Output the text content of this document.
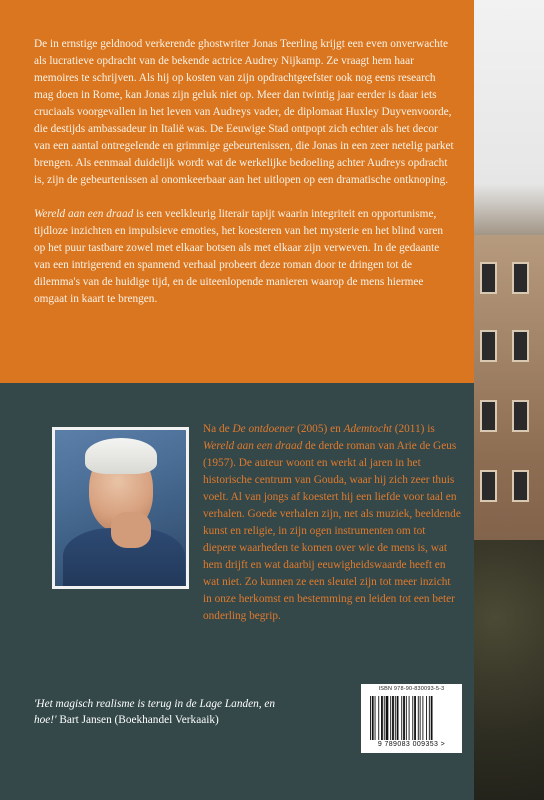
De in ernstige geldnood verkerende ghostwriter Jonas Teerling krijgt een even onverwachte als lucratieve opdracht van de bekende actrice Audrey Nijkamp. Ze vraagt hem haar memoires te schrijven. Als hij op kosten van zijn opdrachtgeefster ook nog eens research mag doen in Rome, kan Jonas zijn geluk niet op. Meer dan twintig jaar eerder is daar iets cruciaals voorgevallen in het leven van Audreys vader, de diplomaat Huxley Duyvenvoorde, die destijds ambassadeur in Italië was. De Eeuwige Stad ontpopt zich echter als het decor van een aantal ontregelende en grimmige gebeurtenissen, die Jonas in een zeer netelig parket brengen. Als eenmaal duidelijk wordt wat de werkelijke bedoeling achter Audreys opdracht is, zijn de gebeurtenissen al onomkeerbaar aan het uitlopen op een dramatische ontknoping.

Wereld aan een draad is een veelkleurig literair tapijt waarin integriteit en opportunisme, tijdloze inzichten en impulsieve emoties, het koesteren van het mysterie en het blind varen op het puur tastbare zowel met elkaar botsen als met elkaar zijn verweven. In de gedaante van een intrigerend en spannend verhaal probeert deze roman door te dringen tot de dilemma's van de huidige tijd, en de uiteenlopende manieren waarop de mens hiermee omgaat in kaart te brengen.

Na de De ontdoener (2005) en Ademtocht (2011) is Wereld aan een draad de derde roman van Arie de Geus (1957). De auteur woont en werkt al jaren in het historische centrum van Gouda, waar hij zich zeer thuis voelt. Al van jongs af koestert hij een liefde voor taal en verhalen. Goede verhalen zijn, net als muziek, beeldende kunst en religie, in zijn ogen instrumenten om tot diepere waarheden te komen over wie de mens is, wat hem drijft en wat daarbij eeuwigheidswaarde heeft en wat niet. Zo kunnen ze een sleutel zijn tot meer inzicht in onze herkomst en bestemming en leiden tot een beter onderling begrip.
'Het magisch realisme is terug in de Lage Landen, en hoe!' Bart Jansen (Boekhandel Verkaaik)
ISBN 978-90-830093-5-3
9 789083 009353 >
